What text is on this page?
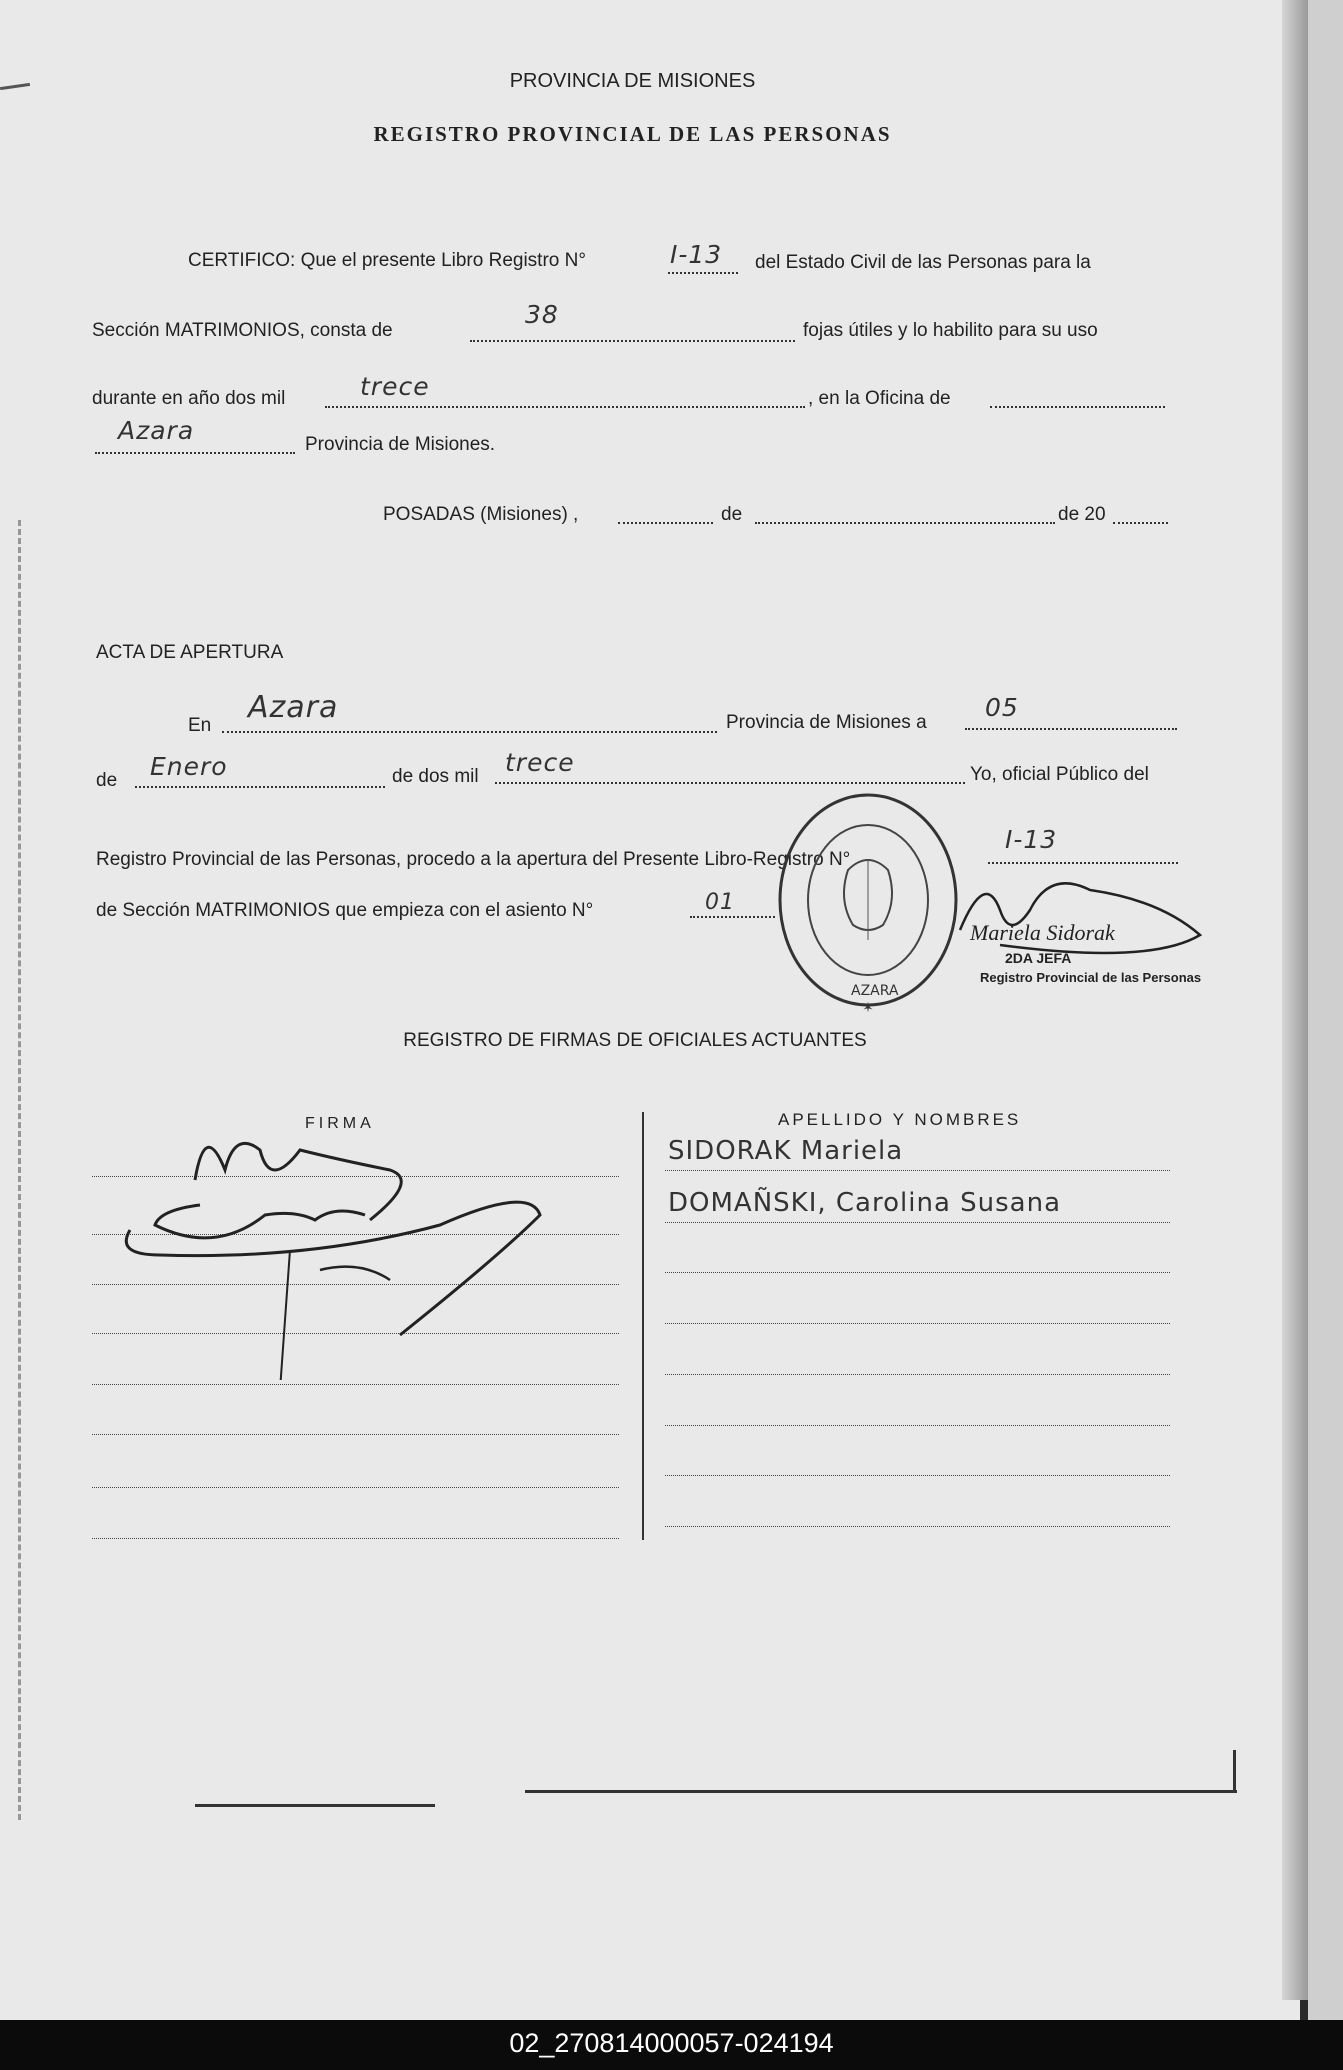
PROVINCIA DE MISIONES
REGISTRO PROVINCIAL DE LAS PERSONAS
CERTIFICO: Que el presente Libro Registro N°	I-13 del Estado Civil de las Personas para la
Sección MATRIMONIOS, consta de
38
fojas útiles y lo habilito para su uso
durante en año dos mil	trece	, en la Oficina de
Azara	Provincia de Misiones.
POSADAS (Misiones) ,	de	de 20
ACTA DE APERTURA
En
Azara	Provincia de Misiones a
05
de Enero	de dos mil trece	Yo, oficial Público del
Registro Provincial de las Personas, procedo a la apertura del Presente Libro-Registro N°
I-13
de Sección MATRIMONIOS que empieza con el asiento N°	01
AZARA
✶
Mariela Sidorak
2DA JEFA
Registro Provincial de las Personas
REGISTRO DE FIRMAS DE OFICIALES ACTUANTES
FIRMA	APELLIDO Y NOMBRES
SIDORAK Mariela
DOMAÑSKI, Carolina Susana
02_270814000057-024194
